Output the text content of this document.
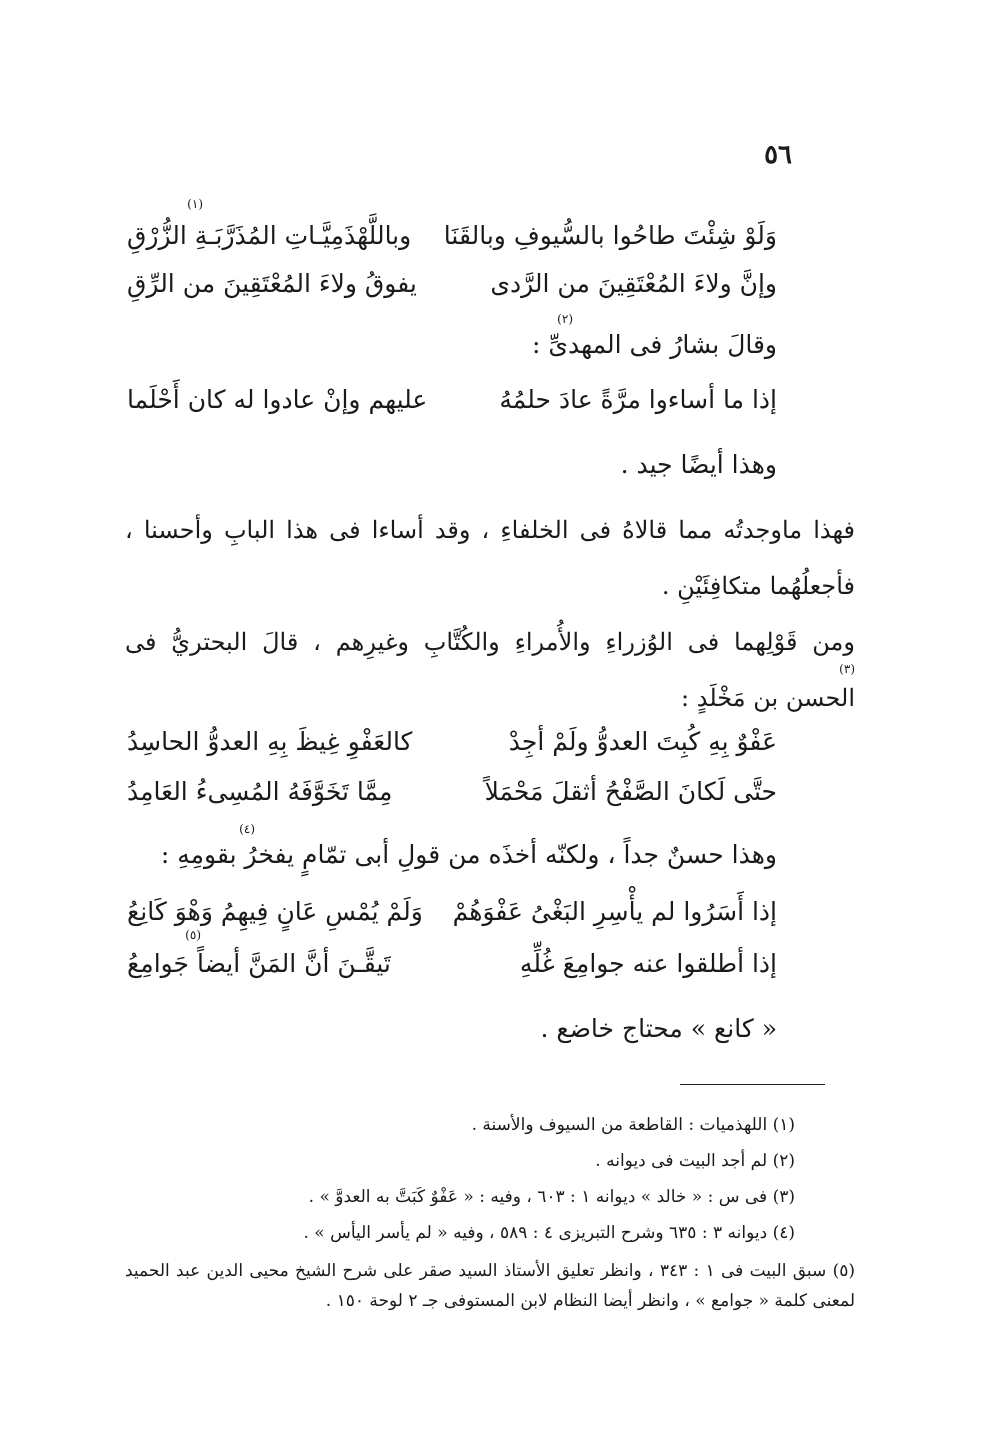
٥٦
(١)
وَلَوْ شِئْتَ طاحُوا بالسُّيوفِ وبالقَنَا
وباللَّهْذَمِيَّـاتِ المُذَرَّبَـةِ الزُّرْقِ
وإنَّ ولاءَ المُعْتَقِينَ من الرَّدى
يفوقُ ولاءَ المُعْتَقِينَ من الرِّقِ
(٢)
وقالَ بشارُ فى المهدىِّ :
إذا ما أساءوا مرَّةً عادَ حلمُهُ
عليهم وإنْ عادوا له كان أَحْلَما
وهذا أيضًا جيد .
فهذا ماوجدتُه مما قالاهُ فى الخلفاءِ ، وقد أساءا فى هذا البابِ وأحسنا ، فأجعلُهُما متكافِئَيْنِ .
(٣)
ومن قَوْلِهما فى الوُزراءِ والأُمراءِ والكُتَّابِ وغيرِهم ، قالَ البحتريُّ فى الحسن بن مَخْلَدٍ :
عَفْوٌ بِهِ كُبِتَ العدوُّ ولَمْ أجِدْ
كالعَفْوِ غِيظَ بِهِ العدوُّ الحاسِدُ
حتَّى لَكانَ الصَّفْحُ أثقلَ مَحْمَلاً
مِمَّا تَخَوَّفَهُ المُسِىءُ العَامِدُ
(٤)
وهذا حسنٌ جداً ، ولكنّه أخذَه من قولِ أبى تمّامٍ يفخرُ بقومِهِ :
إذا أَسَرُوا لم يأْسِرِ البَغْىُ عَفْوَهُمْ
وَلَمْ يُمْسِ عَانٍ فِيهِمُ وَهْوَ كَانِعُ
(٥)
إذا أطلقوا عنه جوامِعَ غُلِّهِ
تَيقَّـنَ أنَّ المَنَّ أيضاً جَوامِعُ
« كانع » محتاج خاضع .
(١) اللهذميات : القاطعة من السيوف والأسنة .
(٢) لم أجد البيت فى ديوانه .
(٣) فى س : « خالد » ديوانه ١ : ٦٠٣ ، وفيه : « عَفْوٌ كَبَتَّ به العدوَّ » .
(٤) ديوانه ٣ : ٦٣٥ وشرح التبريزى ٤ : ٥٨٩ ، وفيه « لم يأسر اليأس » .
(٥) سبق البيت فى ١ : ٣٤٣ ، وانظر تعليق الأستاذ السيد صقر على شرح الشيخ محيى الدين عبد الحميد لمعنى كلمة « جوامع » ، وانظر أيضا النظام لابن المستوفى جـ ٢ لوحة ١٥٠ .
